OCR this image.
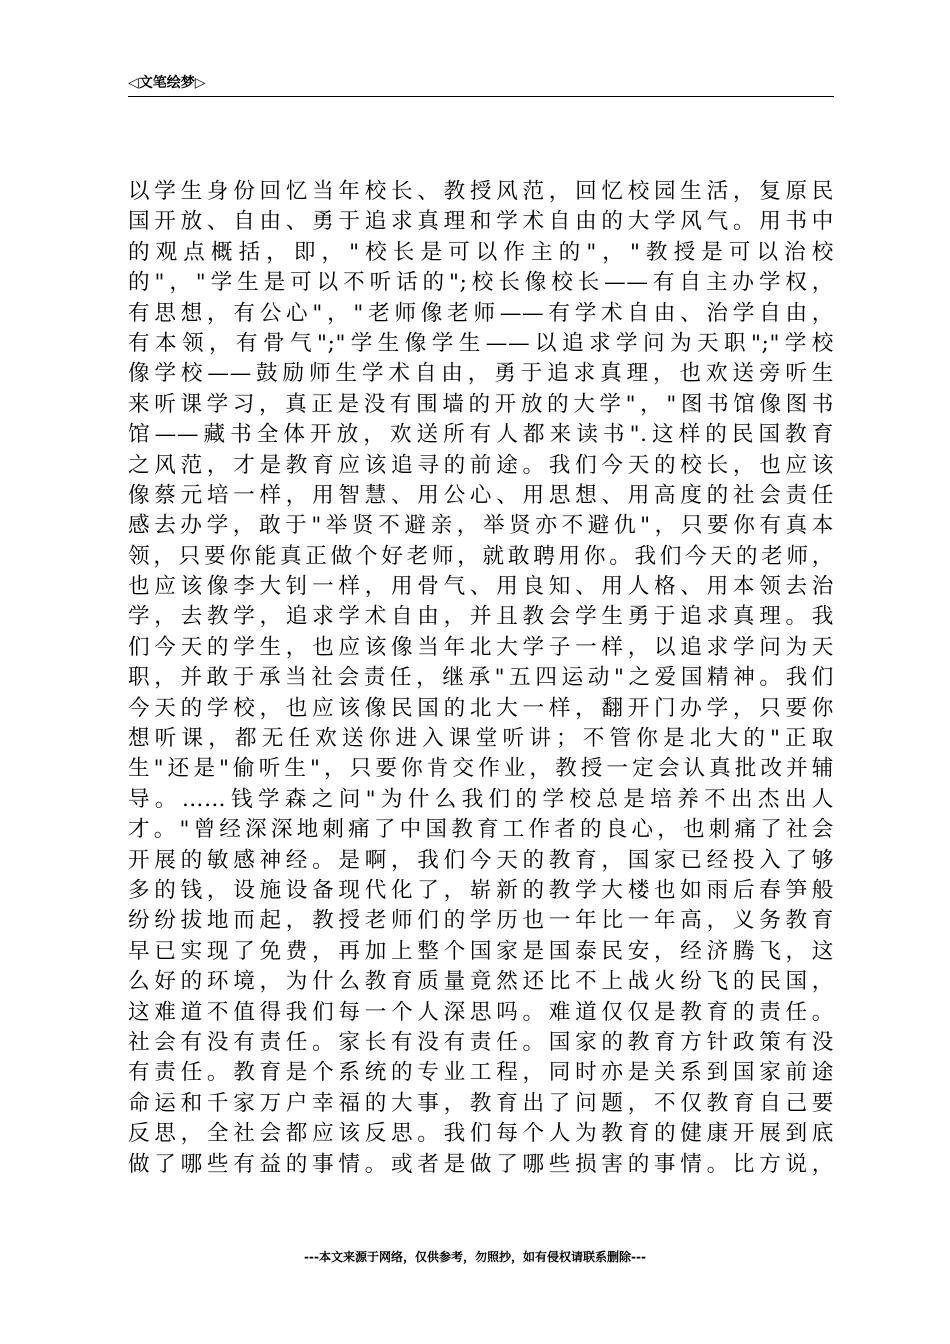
◁ 文笔绘梦 ▷
以学生身份回忆当年校长、教授风范，回忆校园生活，复原民
国开放、自由、勇于追求真理和学术自由的大学风气。用书中
的观点概括，即，"校长是可以作主的"，"教授是可以治校
的"，"学生是可以不听话的";校长像校长——有自主办学权，
有思想，有公心"，"老师像老师——有学术自由、治学自由，
有本领，有骨气";"学生像学生——以追求学问为天职";"学校
像学校——鼓励师生学术自由，勇于追求真理，也欢送旁听生
来听课学习，真正是没有围墙的开放的大学"，"图书馆像图书
馆——藏书全体开放，欢送所有人都来读书".这样的民国教育
之风范，才是教育应该追寻的前途。我们今天的校长，也应该
像蔡元培一样，用智慧、用公心、用思想、用高度的社会责任
感去办学，敢于"举贤不避亲，举贤亦不避仇"，只要你有真本
领，只要你能真正做个好老师，就敢聘用你。我们今天的老师，
也应该像李大钊一样，用骨气、用良知、用人格、用本领去治
学，去教学，追求学术自由，并且教会学生勇于追求真理。我
们今天的学生，也应该像当年北大学子一样，以追求学问为天
职，并敢于承当社会责任，继承"五四运动"之爱国精神。我们
今天的学校，也应该像民国的北大一样，翻开门办学，只要你
想听课，都无任欢送你进入课堂听讲；不管你是北大的"正取
生"还是"偷听生"，只要你肯交作业，教授一定会认真批改并辅
导。……钱学森之问"为什么我们的学校总是培养不出杰出人
才。"曾经深深地刺痛了中国教育工作者的良心，也刺痛了社会
开展的敏感神经。是啊，我们今天的教育，国家已经投入了够
多的钱，设施设备现代化了，崭新的教学大楼也如雨后春笋般
纷纷拔地而起，教授老师们的学历也一年比一年高，义务教育
早已实现了免费，再加上整个国家是国泰民安，经济腾飞，这
么好的环境，为什么教育质量竟然还比不上战火纷飞的民国，
这难道不值得我们每一个人深思吗。难道仅仅是教育的责任。
社会有没有责任。家长有没有责任。国家的教育方针政策有没
有责任。教育是个系统的专业工程，同时亦是关系到国家前途
命运和千家万户幸福的大事，教育出了问题，不仅教育自己要
反思，全社会都应该反思。我们每个人为教育的健康开展到底
做了哪些有益的事情。或者是做了哪些损害的事情。比方说，
---本文来源于网络，仅供参考，勿照抄，如有侵权请联系删除---
